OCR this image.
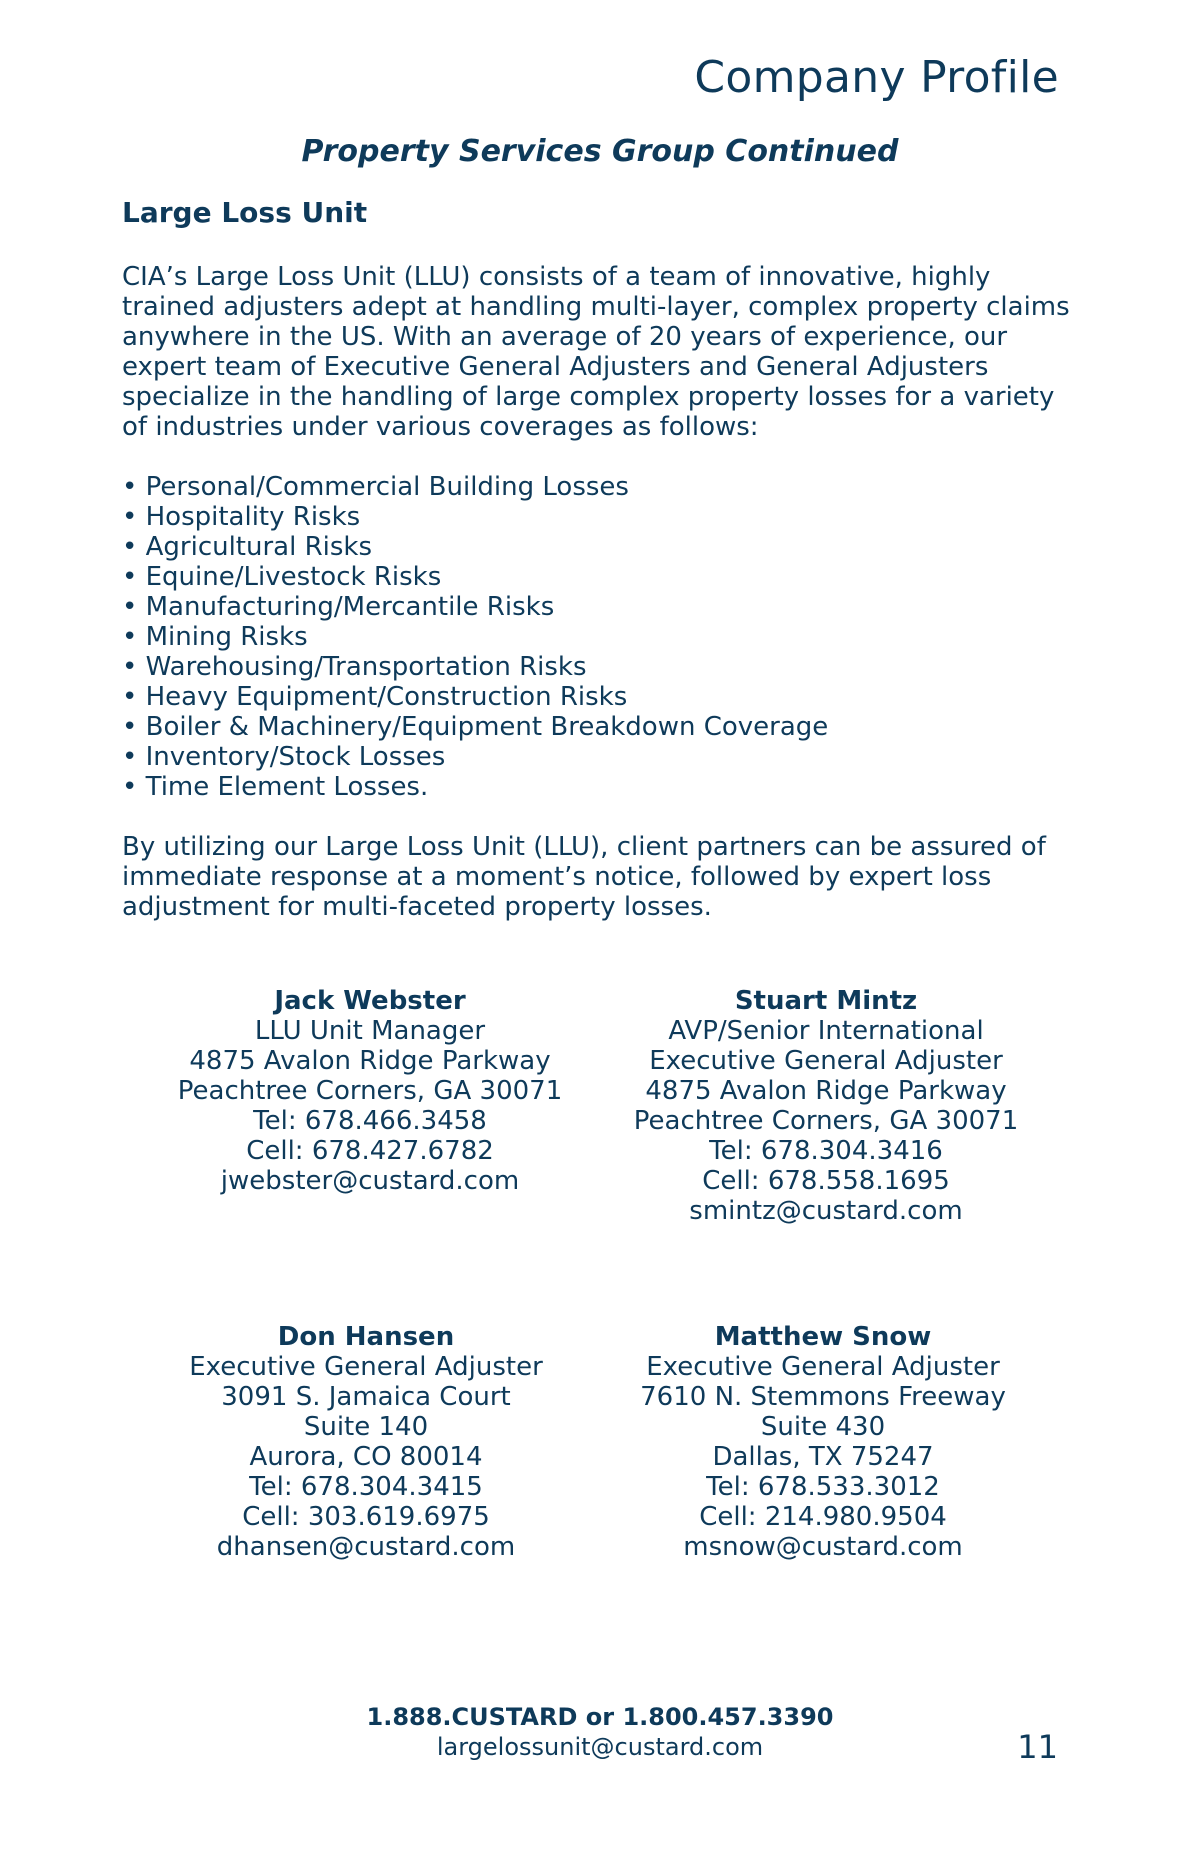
Company Profile
Property Services Group Continued
Large Loss Unit

CIA’s Large Loss Unit (LLU) consists of a team of innovative, highly trained adjusters adept at handling multi-layer, complex property claims anywhere in the US. With an average of 20 years of experience, our expert team of Executive General Adjusters and General Adjusters specialize in the handling of large complex property losses for a variety of industries under various coverages as follows:

• Personal/Commercial Building Losses
• Hospitality Risks
• Agricultural Risks
• Equine/Livestock Risks
• Manufacturing/Mercantile Risks
• Mining Risks
• Warehousing/Transportation Risks
• Heavy Equipment/Construction Risks
• Boiler & Machinery/Equipment Breakdown Coverage
• Inventory/Stock Losses
• Time Element Losses.

By utilizing our Large Loss Unit (LLU), client partners can be assured of immediate response at a moment’s notice, followed by expert loss adjustment for multi-faceted property losses.

Jack Webster
LLU Unit Manager
4875 Avalon Ridge Parkway
Peachtree Corners, GA 30071
Tel: 678.466.3458
Cell: 678.427.6782
jwebster@custard.com
Stuart Mintz
AVP/Senior International
Executive General Adjuster
4875 Avalon Ridge Parkway
Peachtree Corners, GA 30071
Tel: 678.304.3416
Cell: 678.558.1695
smintz@custard.com
Don Hansen
Executive General Adjuster
3091 S. Jamaica Court
Suite 140
Aurora, CO 80014
Tel: 678.304.3415
Cell: 303.619.6975
dhansen@custard.com
Matthew Snow
Executive General Adjuster
7610 N. Stemmons Freeway
Suite 430
Dallas, TX 75247
Tel: 678.533.3012
Cell: 214.980.9504
msnow@custard.com
1.888.CUSTARD or 1.800.457.3390
largelossunit@custard.com	11
